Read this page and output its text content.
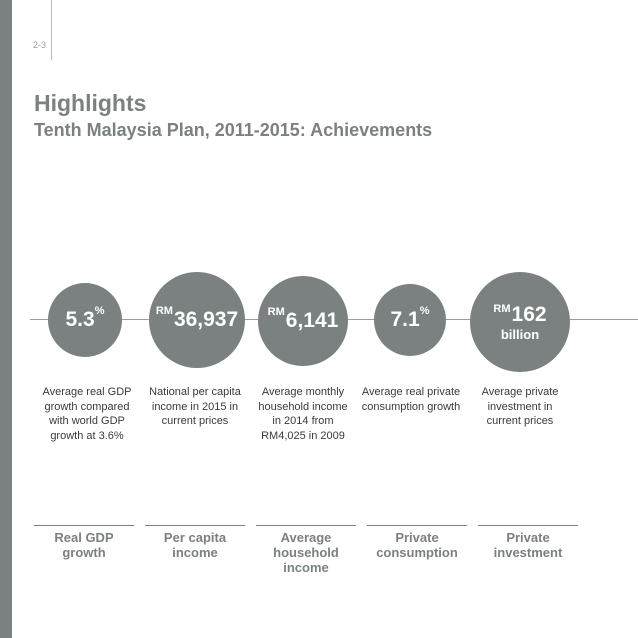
2-3
Highlights
Tenth Malaysia Plan, 2011-2015: Achievements
5.3 %
Average real GDP growth compared with world GDP growth at 3.6%
Real GDP growth
RM 36,937
National per capita income in 2015 in current prices
Per capita income
RM 6,141
Average monthly household income in 2014 from RM4,025 in 2009
Average household income
7.1 %
Average real private consumption growth
Private consumption
$^{RM}$162
billion
Average private investment in current prices
Private investment
